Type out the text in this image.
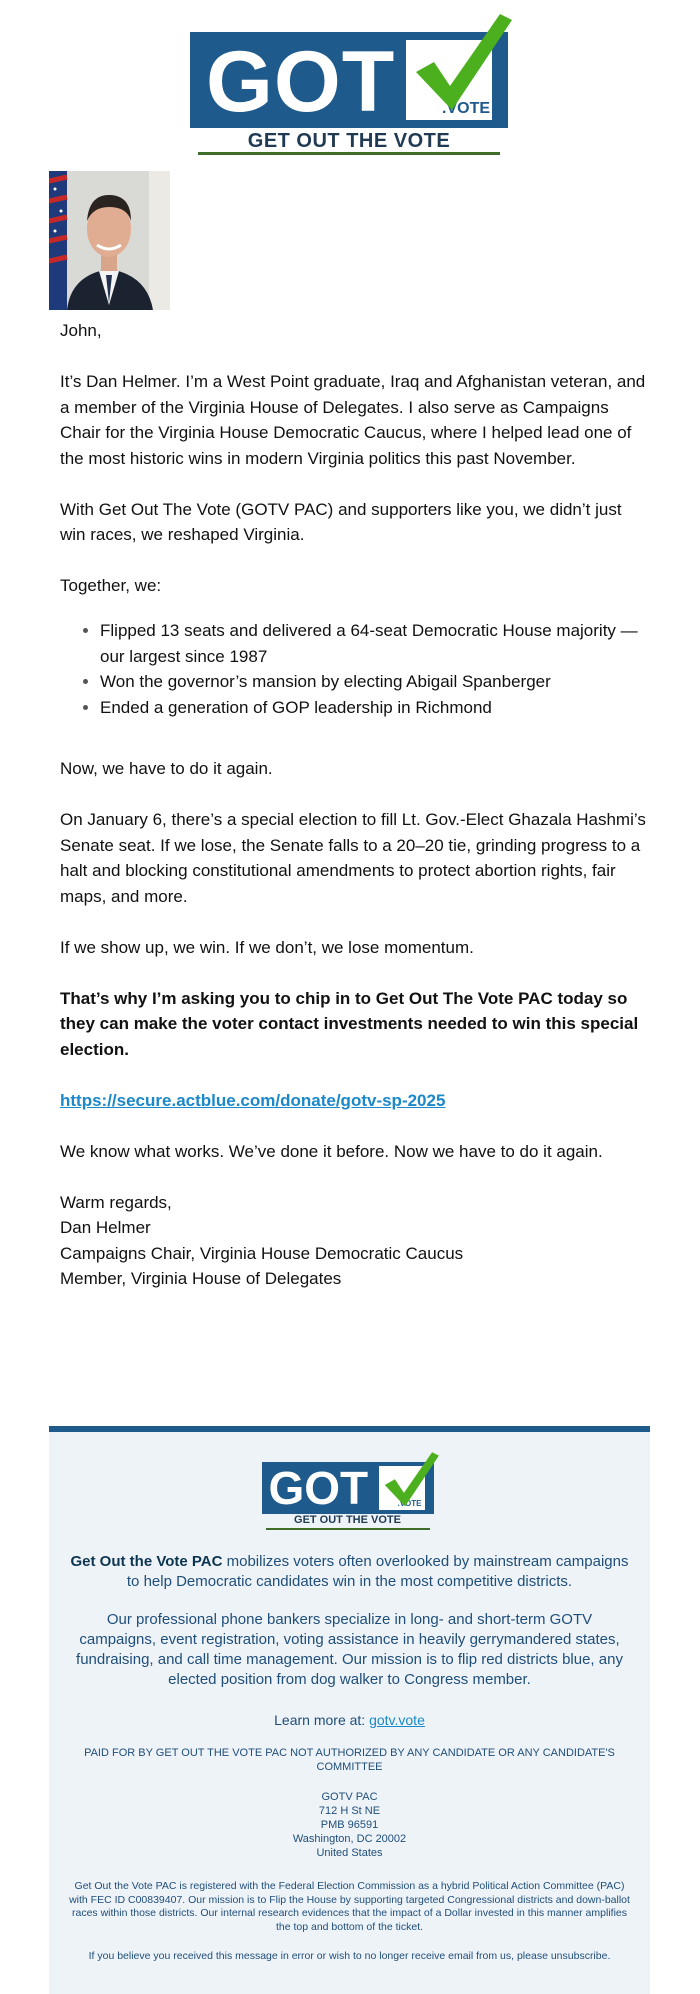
GOT	.VOTE
GET OUT THE VOTE

John,

It’s Dan Helmer. I’m a West Point graduate, Iraq and Afghanistan veteran, and a member of the Virginia House of Delegates. I also serve as Campaigns Chair for the Virginia House Democratic Caucus, where I helped lead one of the most historic wins in modern Virginia politics this past November.

With Get Out The Vote (GOTV PAC) and supporters like you, we didn’t just win races, we reshaped Virginia.

Together, we:

• Flipped 13 seats and delivered a 64-seat Democratic House majority — our largest since 1987
• Won the governor’s mansion by electing Abigail Spanberger
• Ended a generation of GOP leadership in Richmond

Now, we have to do it again.

On January 6, there’s a special election to fill Lt. Gov.-Elect Ghazala Hashmi’s Senate seat. If we lose, the Senate falls to a 20–20 tie, grinding progress to a halt and blocking constitutional amendments to protect abortion rights, fair maps, and more.

If we show up, we win. If we don’t, we lose momentum.

That’s why I’m asking you to chip in to Get Out The Vote PAC today so they can make the voter contact investments needed to win this special election.

https://secure.actblue.com/donate/gotv-sp-2025

We know what works. We’ve done it before. Now we have to do it again.

Warm regards,

Dan Helmer

Campaigns Chair, Virginia House Democratic Caucus

Member, Virginia House of Delegates

GOT	.VOTE
GET OUT THE VOTE
Get Out the Vote PAC mobilizes voters often overlooked by mainstream campaigns to help Democratic candidates win in the most competitive districts.
Our professional phone bankers specialize in long- and short-term GOTV campaigns, event registration, voting assistance in heavily gerrymandered states, fundraising, and call time management. Our mission is to flip red districts blue, any elected position from dog walker to Congress member.
Learn more at: gotv.vote
PAID FOR BY GET OUT THE VOTE PAC NOT AUTHORIZED BY ANY CANDIDATE OR ANY CANDIDATE'S COMMITTEE
GOTV PAC
712 H St NE
PMB 96591
Washington, DC 20002
United States
Get Out the Vote PAC is registered with the Federal Election Commission as a hybrid Political Action Committee (PAC) with FEC ID C00839407. Our mission is to Flip the House by supporting targeted Congressional districts and down-ballot races within those districts. Our internal research evidences that the impact of a Dollar invested in this manner amplifies the top and bottom of the ticket.
If you believe you received this message in error or wish to no longer receive email from us, please unsubscribe.
